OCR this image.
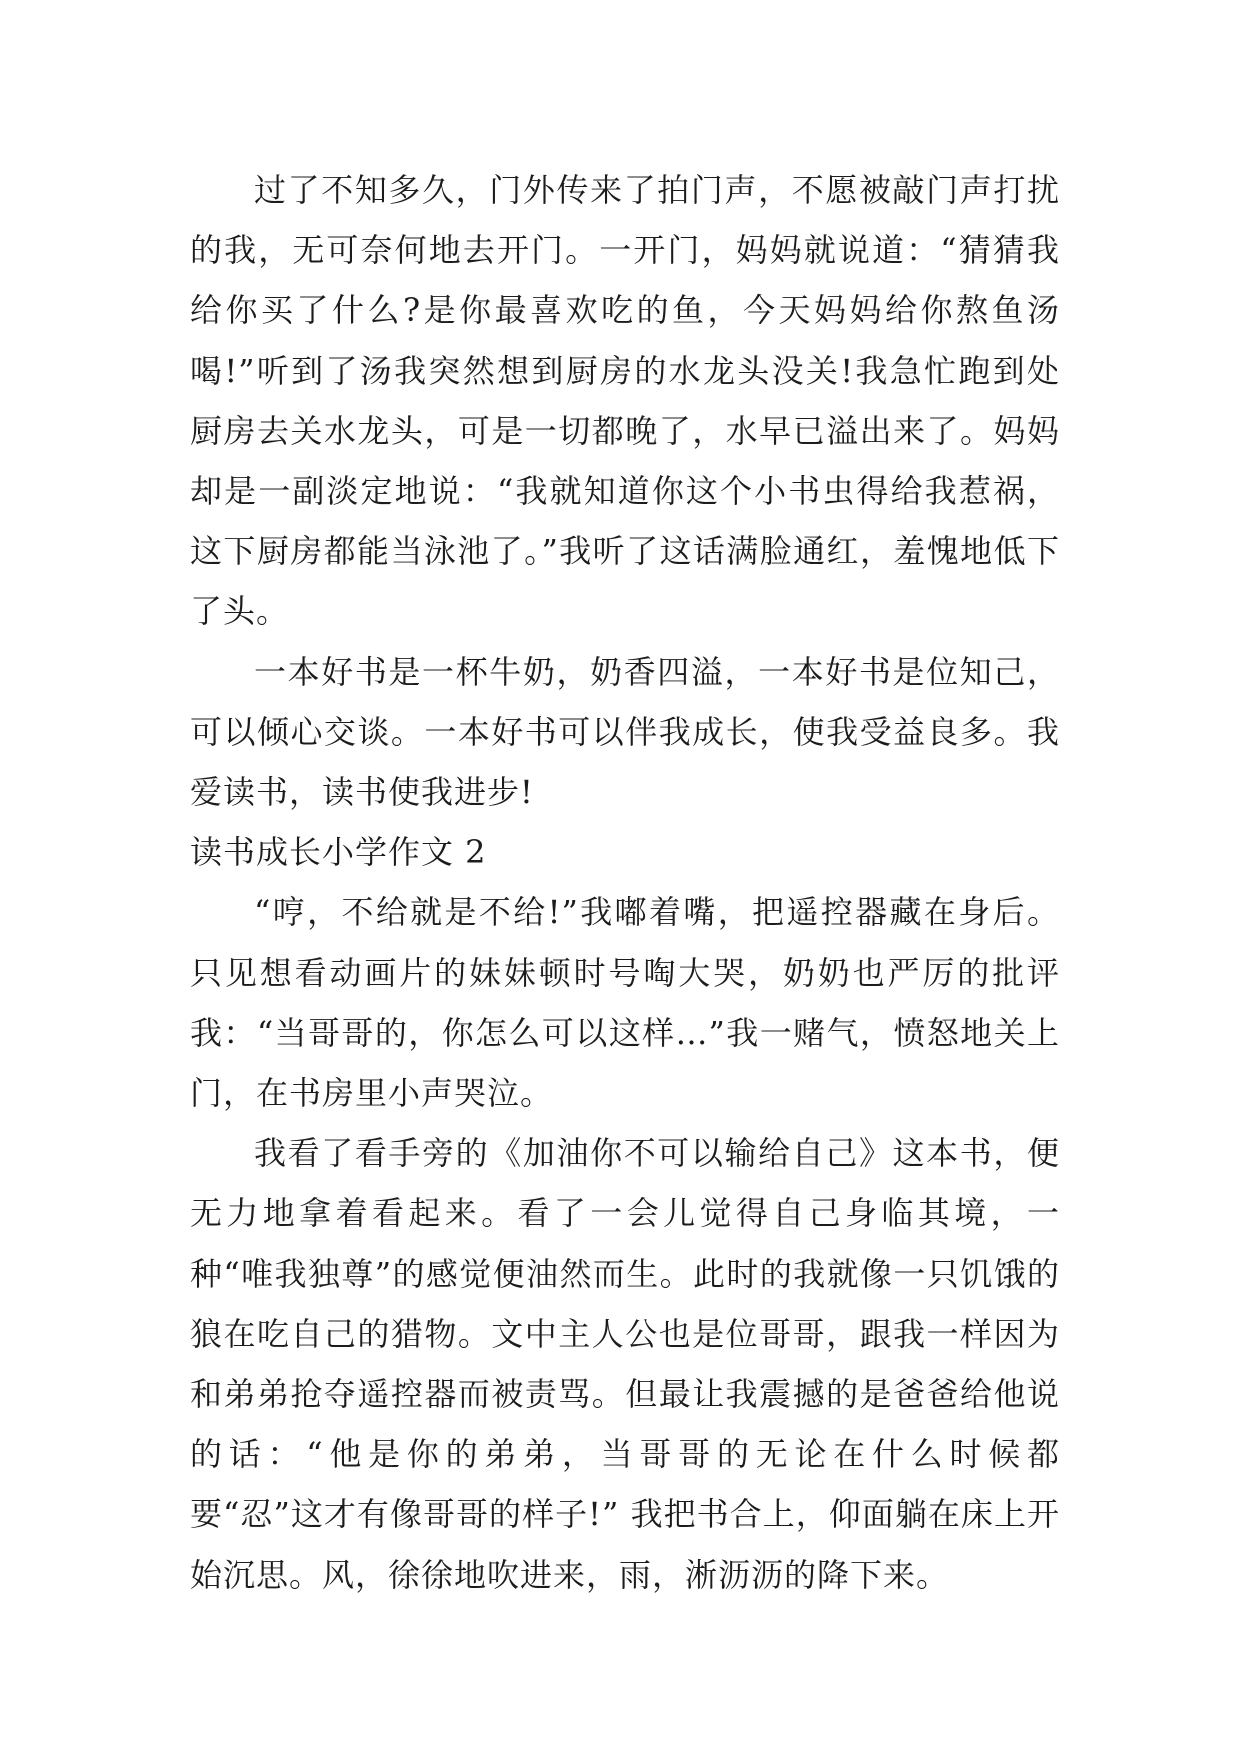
过了不知多久，门外传来了拍门声，不愿被敲门声打扰的我，无可奈何地去开门。一开门，妈妈就说道：“猜猜我给你买了什么?是你最喜欢吃的鱼，今天妈妈给你熬鱼汤喝!”听到了汤我突然想到厨房的水龙头没关!我急忙跑到处厨房去关水龙头，可是一切都晚了，水早已溢出来了。妈妈却是一副淡定地说：“我就知道你这个小书虫得给我惹祸，这下厨房都能当泳池了。”我听了这话满脸通红，羞愧地低下了头。

一本好书是一杯牛奶，奶香四溢，一本好书是位知己，可以倾心交谈。一本好书可以伴我成长，使我受益良多。我爱读书，读书使我进步!

读书成长小学作文 2

“哼，不给就是不给!”我嘟着嘴，把遥控器藏在身后。只见想看动画片的妹妹顿时号啕大哭，奶奶也严厉的批评我：“当哥哥的，你怎么可以这样…”我一赌气，愤怒地关上门，在书房里小声哭泣。

我看了看手旁的《加油你不可以输给自己》这本书，便无力地拿着看起来。看了一会儿觉得自己身临其境，一种“唯我独尊”的感觉便油然而生。此时的我就像一只饥饿的狼在吃自己的猎物。文中主人公也是位哥哥，跟我一样因为和弟弟抢夺遥控器而被责骂。但最让我震撼的是爸爸给他说的话：“他是你的弟弟，当哥哥的无论在什么时候都要“忍”这才有像哥哥的样子!” 我把书合上，仰面躺在床上开始沉思。风，徐徐地吹进来，雨，淅沥沥的降下来。
